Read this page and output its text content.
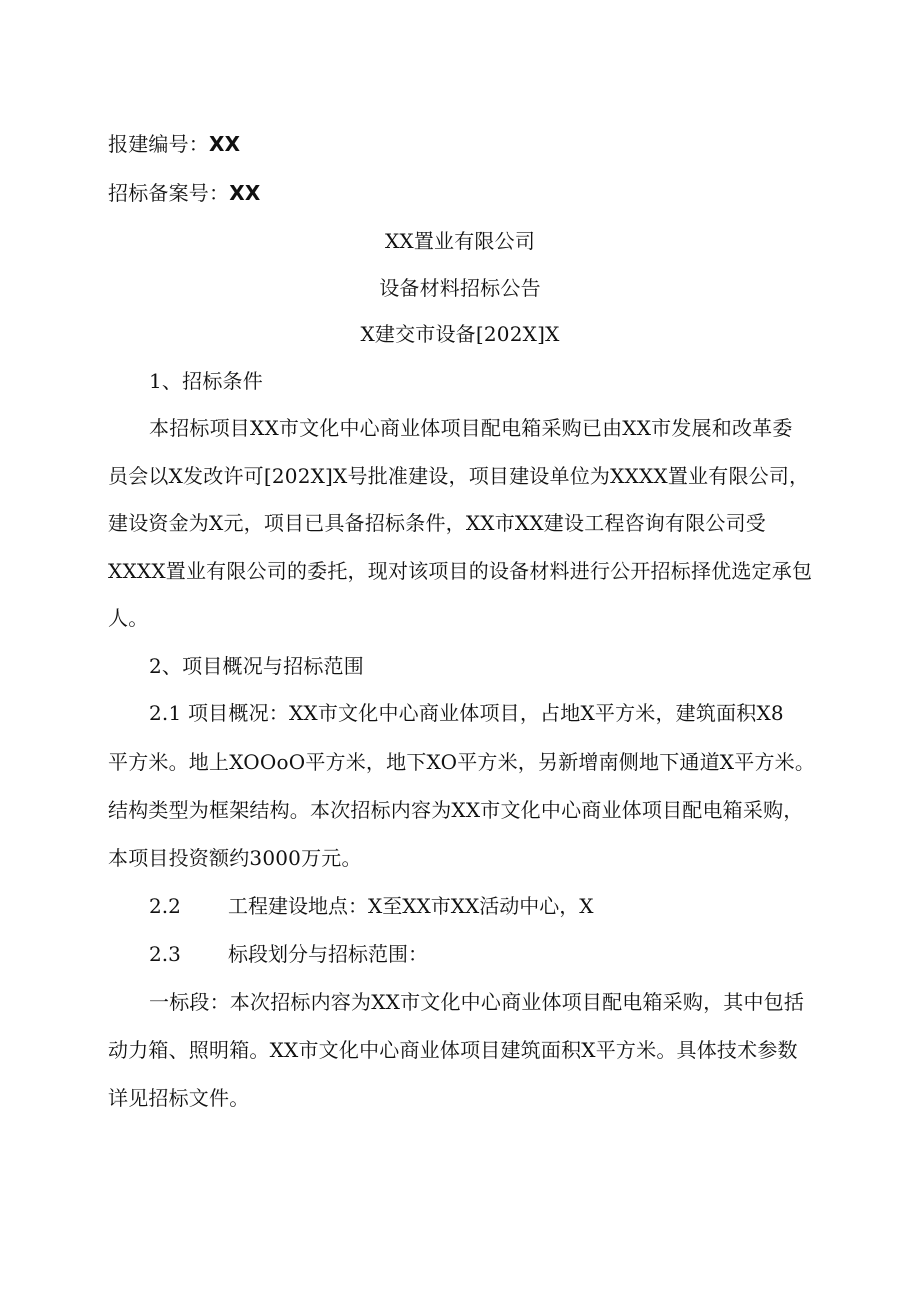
报建编号：XX
招标备案号：XX
XX置业有限公司
设备材料招标公告
X建交市设备[202X]X
1、招标条件
本招标项目XX市文化中心商业体项目配电箱采购已由XX市发展和改革委
员会以X发改许可[202X]X号批准建设，项目建设单位为XXXX置业有限公司，
建设资金为X元，项目已具备招标条件，XX市XX建设工程咨询有限公司受
XXXX置业有限公司的委托，现对该项目的设备材料进行公开招标择优选定承包
人。
2、项目概况与招标范围
2.1 项目概况：XX市文化中心商业体项目，占地X平方米，建筑面积X8
平方米。地上XOOoO平方米，地下XO平方米，另新增南侧地下通道X平方米。
结构类型为框架结构。本次招标内容为XX市文化中心商业体项目配电箱采购，
本项目投资额约3000万元。
2.2 工程建设地点：X至XX市XX活动中心，X
2.3 标段划分与招标范围：
一标段：本次招标内容为XX市文化中心商业体项目配电箱采购，其中包括
动力箱、照明箱。XX市文化中心商业体项目建筑面积X平方米。具体技术参数
详见招标文件。
